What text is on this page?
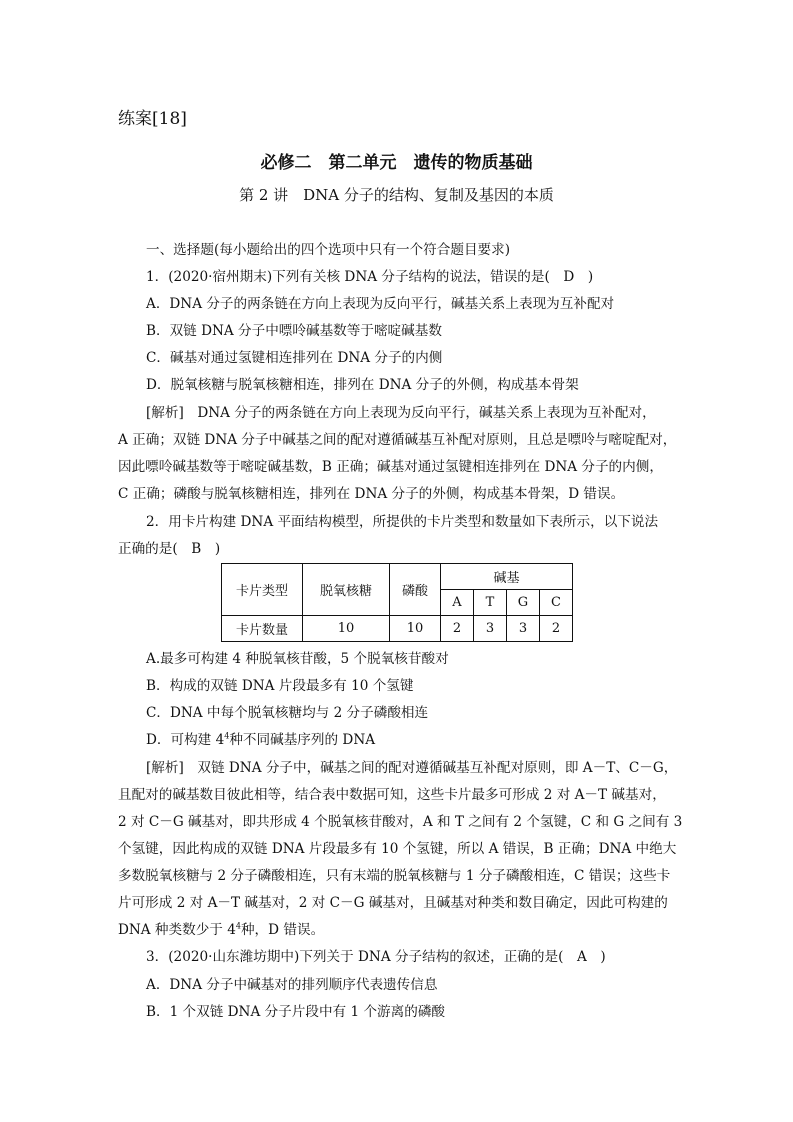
练案[18]
必修二　第二单元　遗传的物质基础
第 2 讲　DNA 分子的结构、复制及基因的本质
一、选择题(每小题给出的四个选项中只有一个符合题目要求)
1．(2020·宿州期末)下列有关核 DNA 分子结构的说法，错误的是(　D　)
A．DNA 分子的两条链在方向上表现为反向平行，碱基关系上表现为互补配对
B．双链 DNA 分子中嘌呤碱基数等于嘧啶碱基数
C．碱基对通过氢键相连排列在 DNA 分子的内侧
D．脱氧核糖与脱氧核糖相连，排列在 DNA 分子的外侧，构成基本骨架
[解析]　DNA 分子的两条链在方向上表现为反向平行，碱基关系上表现为互补配对，
A 正确；双链 DNA 分子中碱基之间的配对遵循碱基互补配对原则，且总是嘌呤与嘧啶配对，
因此嘌呤碱基数等于嘧啶碱基数，B 正确；碱基对通过氢键相连排列在 DNA 分子的内侧，
C 正确；磷酸与脱氧核糖相连，排列在 DNA 分子的外侧，构成基本骨架，D 错误。
2．用卡片构建 DNA 平面结构模型，所提供的卡片类型和数量如下表所示，以下说法
正确的是(　B　)
卡片类型	脱氧核糖	磷酸	碱基			
			A	T	G	C
卡片数量	10	10	2	3	3	2
A.最多可构建 4 种脱氧核苷酸，5 个脱氧核苷酸对
B．构成的双链 DNA 片段最多有 10 个氢键
C．DNA 中每个脱氧核糖均与 2 分子磷酸相连
D．可构建 $4^4$种不同碱基序列的 DNA
[解析]　双链 DNA 分子中，碱基之间的配对遵循碱基互补配对原则，即 A－T、C－G，
且配对的碱基数目彼此相等，结合表中数据可知，这些卡片最多可形成 2 对 A－T 碱基对，
2 对 C－G 碱基对，即共形成 4 个脱氧核苷酸对，A 和 T 之间有 2 个氢键，C 和 G 之间有 3
个氢键，因此构成的双链 DNA 片段最多有 10 个氢键，所以 A 错误，B 正确；DNA 中绝大
多数脱氧核糖与 2 分子磷酸相连，只有末端的脱氧核糖与 1 分子磷酸相连，C 错误；这些卡
片可形成 2 对 A－T 碱基对，2 对 C－G 碱基对，且碱基对种类和数目确定，因此可构建的
DNA 种类数少于 $4^4$种，D 错误。
3．(2020·山东潍坊期中)下列关于 DNA 分子结构的叙述，正确的是(　A　)
A．DNA 分子中碱基对的排列顺序代表遗传信息
B．1 个双链 DNA 分子片段中有 1 个游离的磷酸
